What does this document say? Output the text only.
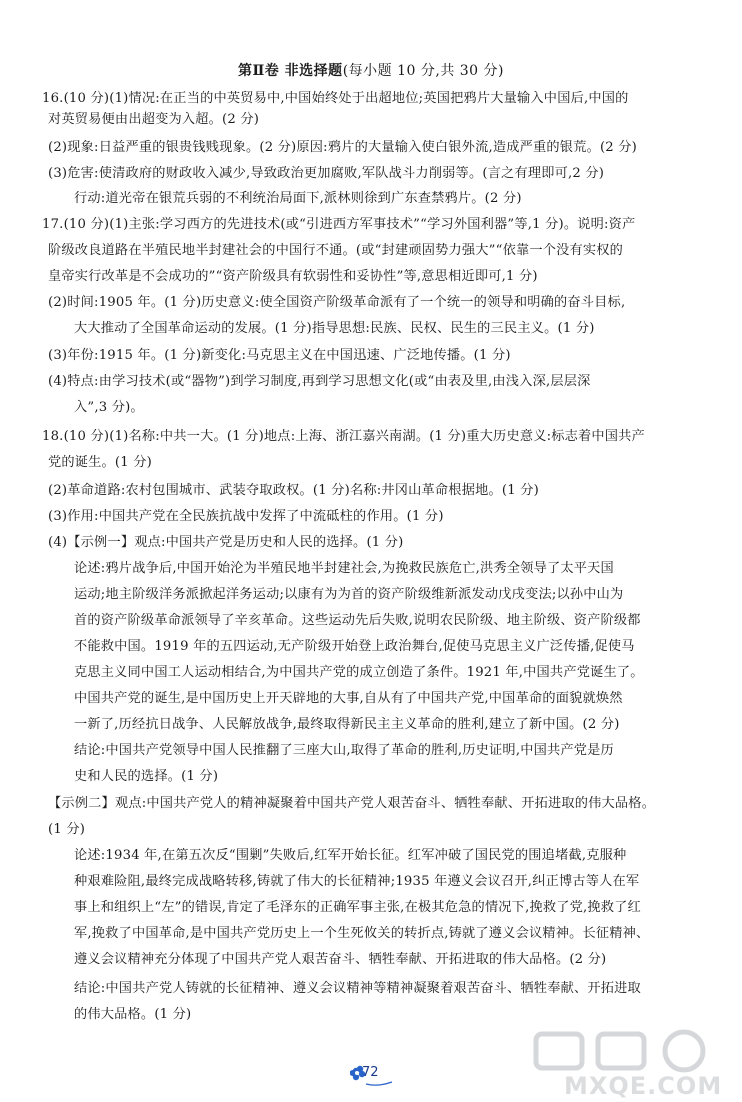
第Ⅱ卷 非选择题(每小题 10 分,共 30 分)
16.(10 分)(1)情况:在正当的中英贸易中,中国始终处于出超地位;英国把鸦片大量输入中国后,中国的
对英贸易便由出超变为入超。(2 分)
(2)现象:日益严重的银贵钱贱现象。(2 分)原因:鸦片的大量输入使白银外流,造成严重的银荒。(2 分)
(3)危害:使清政府的财政收入减少,导致政治更加腐败,军队战斗力削弱等。(言之有理即可,2 分)
行动:道光帝在银荒兵弱的不利统治局面下,派林则徐到广东查禁鸦片。(2 分)
17.(10 分)(1)主张:学习西方的先进技术(或“引进西方军事技术”“学习外国利器”等,1 分)。说明:资产
阶级改良道路在半殖民地半封建社会的中国行不通。(或“封建顽固势力强大”“依靠一个没有实权的
皇帝实行改革是不会成功的”“资产阶级具有软弱性和妥协性”等,意思相近即可,1 分)
(2)时间:1905 年。(1 分)历史意义:使全国资产阶级革命派有了一个统一的领导和明确的奋斗目标,
大大推动了全国革命运动的发展。(1 分)指导思想:民族、民权、民生的三民主义。(1 分)
(3)年份:1915 年。(1 分)新变化:马克思主义在中国迅速、广泛地传播。(1 分)
(4)特点:由学习技术(或“器物”)到学习制度,再到学习思想文化(或“由表及里,由浅入深,层层深
入”,3 分)。
18.(10 分)(1)名称:中共一大。(1 分)地点:上海、浙江嘉兴南湖。(1 分)重大历史意义:标志着中国共产
党的诞生。(1 分)
(2)革命道路:农村包围城市、武装夺取政权。(1 分)名称:井冈山革命根据地。(1 分)
(3)作用:中国共产党在全民族抗战中发挥了中流砥柱的作用。(1 分)
(4)【示例一】观点:中国共产党是历史和人民的选择。(1 分)
论述:鸦片战争后,中国开始沦为半殖民地半封建社会,为挽救民族危亡,洪秀全领导了太平天国
运动;地主阶级洋务派掀起洋务运动;以康有为为首的资产阶级维新派发动戊戌变法;以孙中山为
首的资产阶级革命派领导了辛亥革命。这些运动先后失败,说明农民阶级、地主阶级、资产阶级都
不能救中国。1919 年的五四运动,无产阶级开始登上政治舞台,促使马克思主义广泛传播,促使马
克思主义同中国工人运动相结合,为中国共产党的成立创造了条件。1921 年,中国共产党诞生了。
中国共产党的诞生,是中国历史上开天辟地的大事,自从有了中国共产党,中国革命的面貌就焕然
一新了,历经抗日战争、人民解放战争,最终取得新民主主义革命的胜利,建立了新中国。(2 分)
结论:中国共产党领导中国人民推翻了三座大山,取得了革命的胜利,历史证明,中国共产党是历
史和人民的选择。(1 分)
【示例二】观点:中国共产党人的精神凝聚着中国共产党人艰苦奋斗、牺牲奉献、开拓进取的伟大品格。
(1 分)
论述:1934 年,在第五次反“围剿”失败后,红军开始长征。红军冲破了国民党的围追堵截,克服种
种艰难险阻,最终完成战略转移,铸就了伟大的长征精神;1935 年遵义会议召开,纠正博古等人在军
事上和组织上“左”的错误,肯定了毛泽东的正确军事主张,在极其危急的情况下,挽救了党,挽救了红
军,挽救了中国革命,是中国共产党历史上一个生死攸关的转折点,铸就了遵义会议精神。长征精神、
遵义会议精神充分体现了中国共产党人艰苦奋斗、牺牲奉献、开拓进取的伟大品格。(2 分)
结论:中国共产党人铸就的长征精神、遵义会议精神等精神凝聚着艰苦奋斗、牺牲奉献、开拓进取
的伟大品格。(1 分)
72	MXQE.COM
